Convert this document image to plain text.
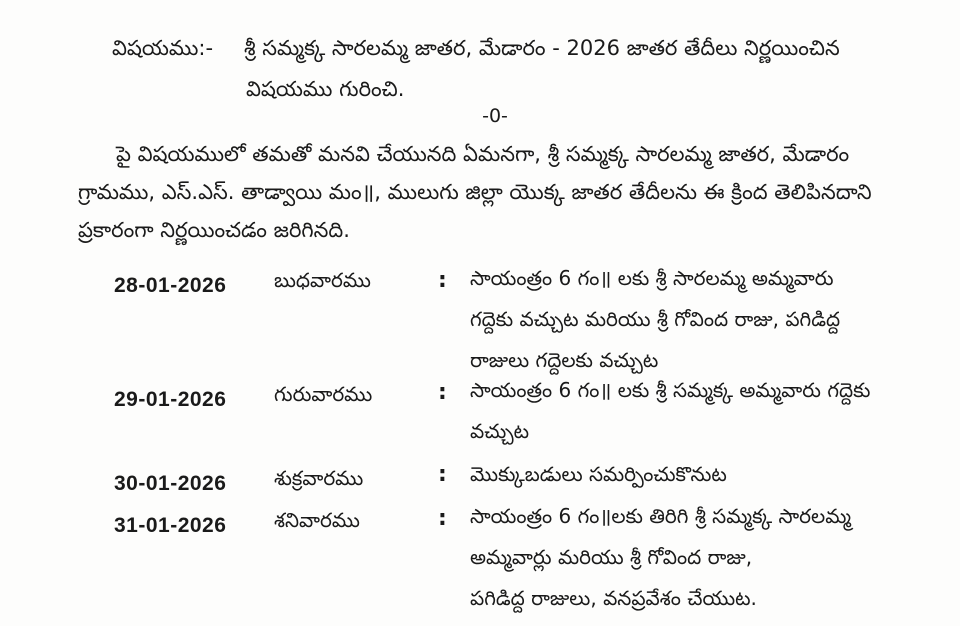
విషయము:- శ్రీ సమ్మక్క సారలమ్మ జాతర, మేడారం - 2026 జాతర తేదీలు నిర్ణయించిన
విషయము గురించి.
-0-
పై విషయములో తమతో మనవి చేయునది ఏమనగా, శ్రీ సమ్మక్క సారలమ్మ జాతర, మేడారం
గ్రామము, ఎస్.ఎస్. తాడ్వాయి మం॥, ములుగు జిల్లా యొక్క జాతర తేదీలను ఈ క్రింద తెలిపినదాని
ప్రకారంగా నిర్ణయించడం జరిగినది.
28-01-2026 బుధవారము	: సాయంత్రం 6 గం॥ లకు శ్రీ సారలమ్మ అమ్మవారు
గద్దెకు వచ్చుట మరియు శ్రీ గోవింద రాజు, పగిడిద్ద
రాజులు గద్దెలకు వచ్చుట
29-01-2026 గురువారము	: సాయంత్రం 6 గం॥ లకు శ్రీ సమ్మక్క అమ్మవారు గద్దెకు
వచ్చుట
30-01-2026 శుక్రవారము	: మొక్కుబడులు సమర్పించుకొనుట
31-01-2026 శనివారము	: సాయంత్రం 6 గం॥లకు తిరిగి శ్రీ సమ్మక్క సారలమ్మ
అమ్మవార్లు మరియు శ్రీ గోవింద రాజు,
పగిడిద్ద రాజులు, వనప్రవేశం చేయుట.
